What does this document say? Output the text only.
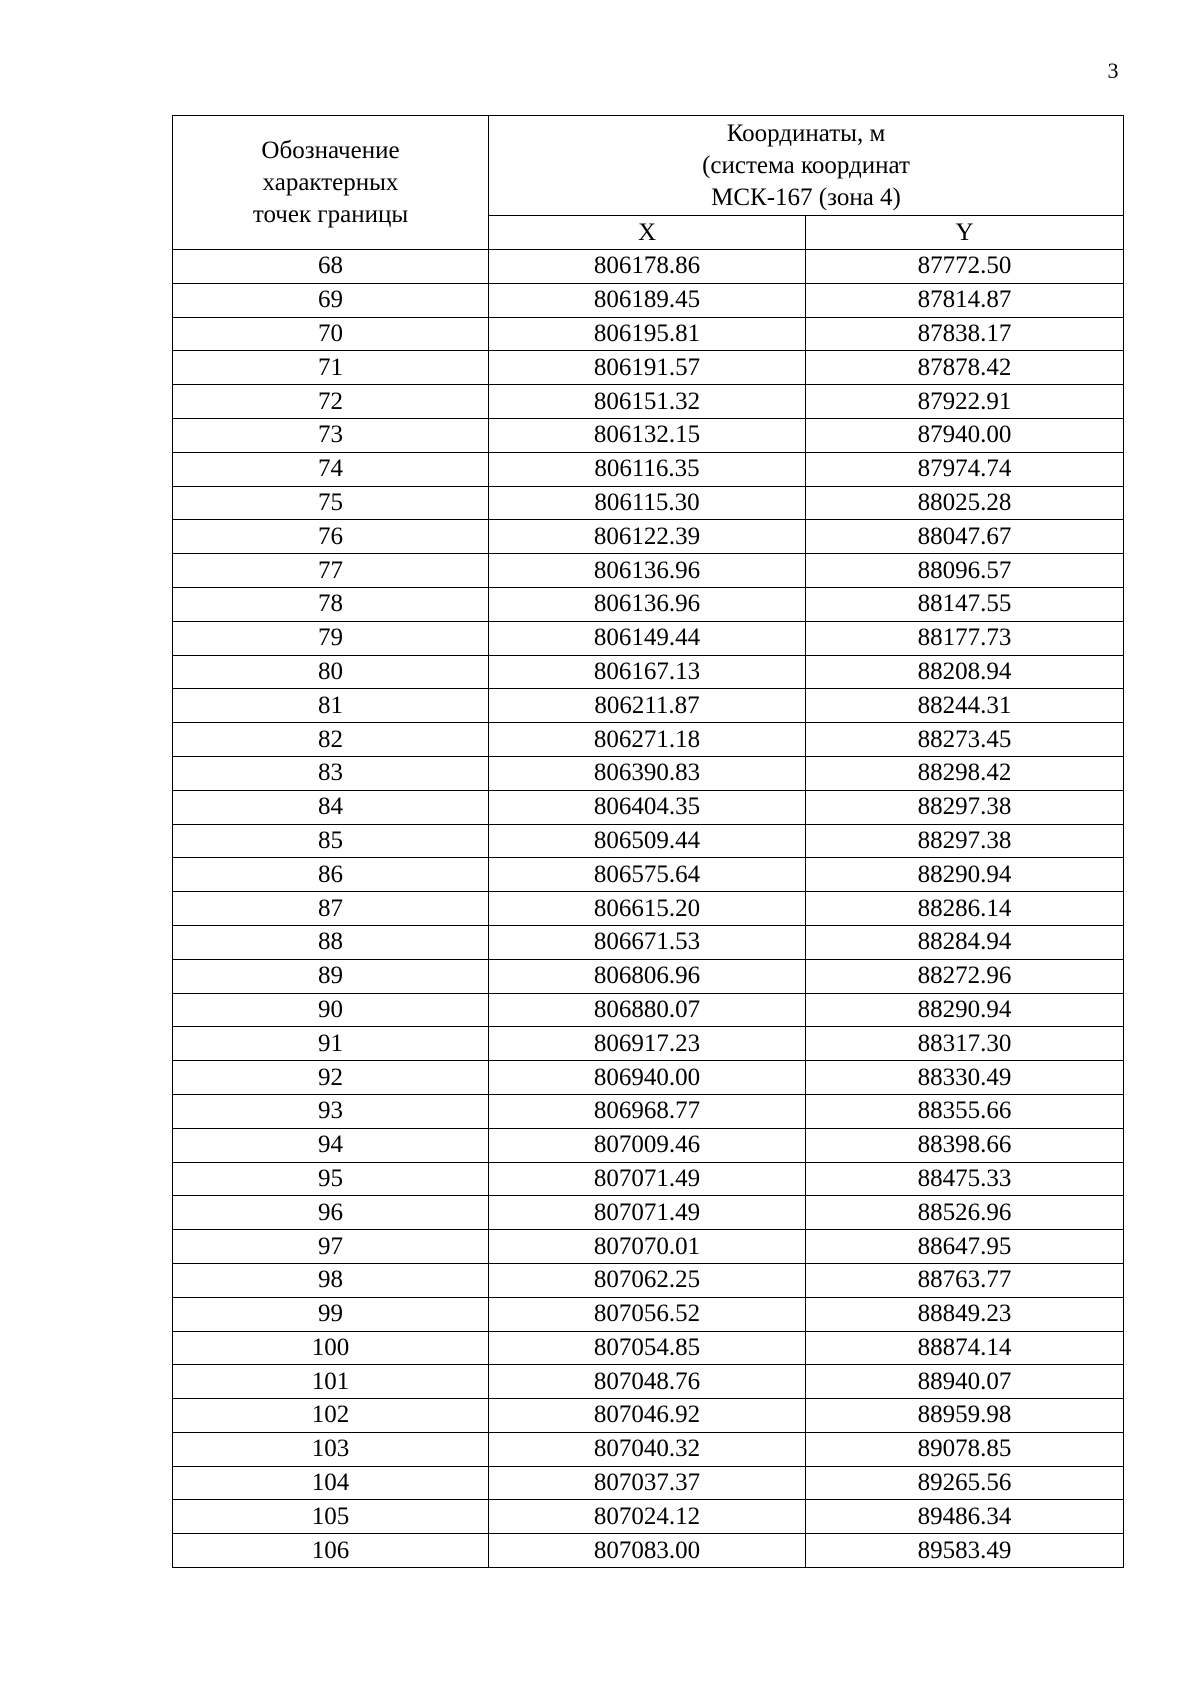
3
Обозначение
характерных
точек границы	Координаты, м
(система координат
МСК-167 (зона 4)	

	X	Y
68	806178.86	87772.50
69	806189.45	87814.87
70	806195.81	87838.17
71	806191.57	87878.42
72	806151.32	87922.91
73	806132.15	87940.00
74	806116.35	87974.74
75	806115.30	88025.28
76	806122.39	88047.67
77	806136.96	88096.57
78	806136.96	88147.55
79	806149.44	88177.73
80	806167.13	88208.94
81	806211.87	88244.31
82	806271.18	88273.45
83	806390.83	88298.42
84	806404.35	88297.38
85	806509.44	88297.38
86	806575.64	88290.94
87	806615.20	88286.14
88	806671.53	88284.94
89	806806.96	88272.96
90	806880.07	88290.94
91	806917.23	88317.30
92	806940.00	88330.49
93	806968.77	88355.66
94	807009.46	88398.66
95	807071.49	88475.33
96	807071.49	88526.96
97	807070.01	88647.95
98	807062.25	88763.77
99	807056.52	88849.23
100	807054.85	88874.14
101	807048.76	88940.07
102	807046.92	88959.98
103	807040.32	89078.85
104	807037.37	89265.56
105	807024.12	89486.34
106	807083.00	89583.49
